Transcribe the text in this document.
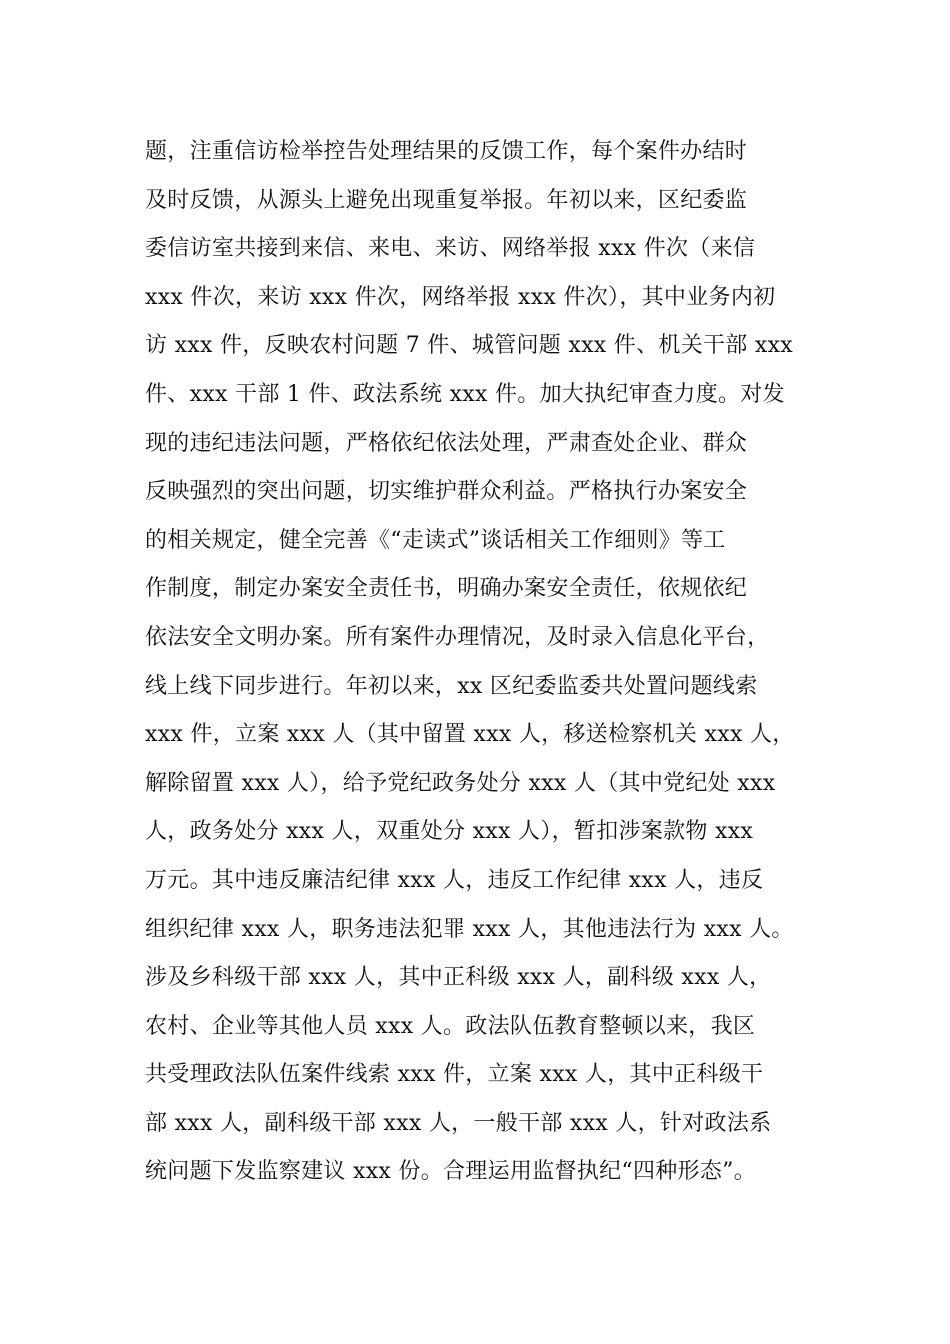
题，注重信访检举控告处理结果的反馈工作，每个案件办结时
及时反馈，从源头上避免出现重复举报。年初以来，区纪委监
委信访室共接到来信、来电、来访、网络举报 xxx 件次（来信
xxx 件次，来访 xxx 件次，网络举报 xxx 件次），其中业务内初
访 xxx 件，反映农村问题 7 件、城管问题 xxx 件、机关干部 xxx
件、xxx 干部 1 件、政法系统 xxx 件。加大执纪审查力度。对发
现的违纪违法问题，严格依纪依法处理，严肃查处企业、群众
反映强烈的突出问题，切实维护群众利益。严格执行办案安全
的相关规定，健全完善《“走读式”谈话相关工作细则》等工
作制度，制定办案安全责任书，明确办案安全责任，依规依纪
依法安全文明办案。所有案件办理情况，及时录入信息化平台，
线上线下同步进行。年初以来，xx 区纪委监委共处置问题线索
xxx 件，立案 xxx 人（其中留置 xxx 人，移送检察机关 xxx 人，
解除留置 xxx 人），给予党纪政务处分 xxx 人（其中党纪处 xxx
人，政务处分 xxx 人，双重处分 xxx 人），暂扣涉案款物 xxx
万元。其中违反廉洁纪律 xxx 人，违反工作纪律 xxx 人，违反
组织纪律 xxx 人，职务违法犯罪 xxx 人，其他违法行为 xxx 人。
涉及乡科级干部 xxx 人，其中正科级 xxx 人，副科级 xxx 人，
农村、企业等其他人员 xxx 人。政法队伍教育整顿以来，我区
共受理政法队伍案件线索 xxx 件，立案 xxx 人，其中正科级干
部 xxx 人，副科级干部 xxx 人，一般干部 xxx 人，针对政法系
统问题下发监察建议 xxx 份。合理运用监督执纪“四种形态”。
